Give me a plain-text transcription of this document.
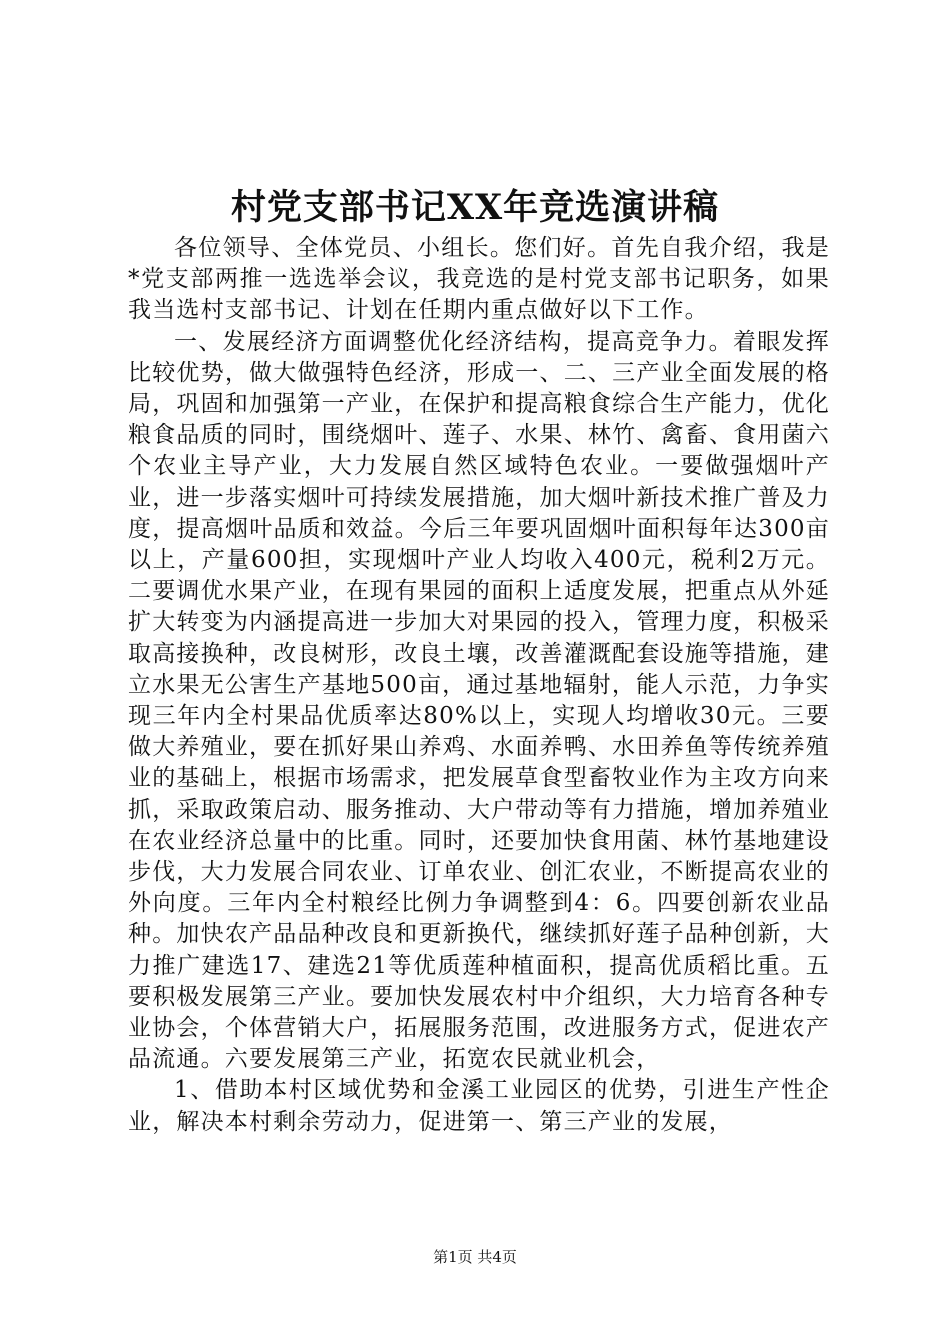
村党支部书记XX年竞选演讲稿

各位领导、全体党员、小组长。您们好。首先自我介绍，我是*党支部两推一选选举会议，我竞选的是村党支部书记职务，如果我当选村支部书记、计划在任期内重点做好以下工作。

一、发展经济方面调整优化经济结构，提高竞争力。着眼发挥比较优势，做大做强特色经济，形成一、二、三产业全面发展的格局，巩固和加强第一产业，在保护和提高粮食综合生产能力，优化粮食品质的同时，围绕烟叶、莲子、水果、林竹、禽畜、食用菌六个农业主导产业，大力发展自然区域特色农业。一要做强烟叶产业，进一步落实烟叶可持续发展措施，加大烟叶新技术推广普及力度，提高烟叶品质和效益。今后三年要巩固烟叶面积每年达300亩以上，产量600担，实现烟叶产业人均收入400元，税利2万元。二要调优水果产业，在现有果园的面积上适度发展，把重点从外延扩大转变为内涵提高进一步加大对果园的投入，管理力度，积极采取高接换种，改良树形，改良土壤，改善灌溉配套设施等措施，建立水果无公害生产基地500亩，通过基地辐射，能人示范，力争实现三年内全村果品优质率达80%以上，实现人均增收30元。三要做大养殖业，要在抓好果山养鸡、水面养鸭、水田养鱼等传统养殖业的基础上，根据市场需求，把发展草食型畜牧业作为主攻方向来抓，采取政策启动、服务推动、大户带动等有力措施，增加养殖业在农业经济总量中的比重。同时，还要加快食用菌、林竹基地建设步伐，大力发展合同农业、订单农业、创汇农业，不断提高农业的外向度。三年内全村粮经比例力争调整到4：6。四要创新农业品种。加快农产品品种改良和更新换代，继续抓好莲子品种创新，大力推广建选17、建选21等优质莲种植面积，提高优质稻比重。五要积极发展第三产业。要加快发展农村中介组织，大力培育各种专业协会，个体营销大户，拓展服务范围，改进服务方式，促进农产品流通。六要发展第三产业，拓宽农民就业机会，

1、借助本村区域优势和金溪工业园区的优势，引进生产性企业，解决本村剩余劳动力，促进第一、第三产业的发展，

第1页 共4页
